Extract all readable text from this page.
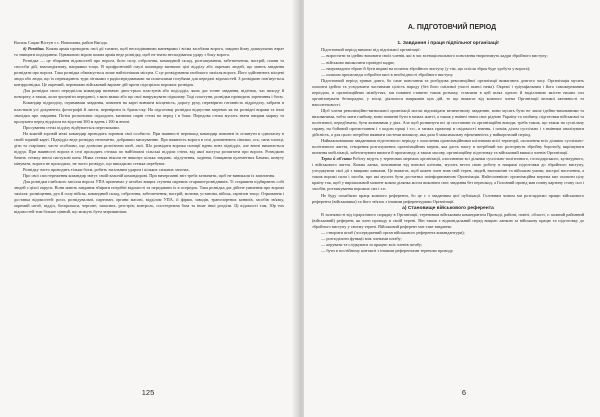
Василь Сацак-Вістун з с. Новошина, район Виґода.

д) Розвідка. Кожна армія проводить свої дії таємно, щоб несподіваними маневрами і всіма засобами ворога, завдати йому дошкульних втрат та знищити поділдання. Однаковою мірою кожна армія веде розвідку, щоб не знати несподіванок удару з боку ворога.

Розвідка — це збирання відомостей про ворога, його силу, озброєння, командний склад, розташування, забезпечення, настрій, плани та способи дій, взаємодіятиму, напрямки тощо. В профронтовій смузі командир визначає цілі відділу або окремих людей, що мають завдання розвідати про ворога. Така розвідка обмежується лише найтіснішим місцем. С це розвідування глибокого запілля ворога. Його здійснюють місцеві люди або люди, що їх перекидають туди літаками з радіопередавачами чи пошталями голубями для передачі відомостей. З розвідкою пов'язується контррозвідка. Це окремий, переважно військовий варіант дій проти підозрілих ворожих розвідок.

Для розвідки свого передпілля командир визначає двох-трьох пластунів або поділдділ, яких дає точне завдання, відтінок, час виходу й повороту, а також, коли зрозуміти переданої, з ваги важко або що свої напружувати підшихву. Тоді пластуни, розвідки проводить зорениння і боєм.

Командир підрозділу, отримавши завдання, повинен на карті вивчити місцевість, дорогу руху, перевірити готовність підрозділу, забрати в пластиків усі документи, фотографії й листи, перевірити їх бриль-оку. На підготовці розвідки відпустив мертвих як на розвідні вправи та інші знахідки про завдання. Потім розпочинає підходити, визначає парні стежі на перед і в боки. Передова стежа мусить знати напрям маршу та пролукати перед відділом на відстані 300 м вдень і 100 м вночі.

Просування стежі підділу відбувається перескоками.

На кожній зоровій межі командир проводить зоровим свої особисто. При наявності перешкод командир повинен їх оглянути в одночасну в своїй зоряній карті. Підвідділ веде розвідку непомітно, добравши маскуванню. Про наявність ворога в селі доповнюють сівалки, ось, сина хлопці, діти та старіших; часто особливо, що дозволяє розпізнати шиб, свої. Шо розвідати ворожа позиції вдень повз підвідділ, але вночі вимагається підуда. При наявності ворога в селі проходять стежка по найближчі сільські підділи стіни, від якої пастуха розпитати про ворога. Розвідкою бачить стежку вночі пастухові коня. Ніяка стежка ніколи не виконує кілька завдань: підлучення, ходіння, блищання кулеметних Бачачи, кинуту мінувати, ворота не проходило, не часто розвідує, що випадково стежка перебуває.

Розвідку часто проводить тільки боєм, робить загальним ударом і кількох сильних загонах.

Про свої спостереження командир звітує своїй власній командирові. При вичерпанні звіт треба зазначити, щоб не виникали їх запитання.

Для розвідки глибокого запілля ворога УПА призначає у штабах вищих ступеня окремих старшин-розвідників. Ті старшини підбирають собі людей з цілої округи. Вони мають завдання збирати потрібні відомості та передавати їх в осередок. Така розвідка дає дійсне уявлення про ворожі запілля: розміщення, рух й силу військ, командний склад, озброєння, забезпечення, настрій, мотиви, установи, військ, гарнізон тощо. Отримання і доставка відомостей: роси, розвідувальні, партизан, органи масові, відділом УПА, її фірми, заводів, транспортних конвоїв, засобів зв'язку, окремий штаб, відділ, боєприпаси, чергове; запасних, реєстрів; контроль, спостережна база та інше інші розділи. Ці відомості там, 30р тих відомостей тим більше цінний, що можуть бути затриманіши.

125
А. ПІДГОТОВЧИЙ ПЕРІОД
1. Завдання і праця підпільної організації

Підготовчий період вимагає від підпільної організації:

— виростити та ідейно виховати своїх членів, які в час всенаціонального повстання творитимуть кадри збройного виступу;

— військово вишколити провідні кадри;

— нагромадити зброю й бути вправі на початок збройного виступу (у тім, що опісля зброя буде здобута у ворога);

— шляхом пропаганди озбройти масі в необхідності збройного виступу.

Підготовчий період триває довго, бо саме повстання та розбудова революційної організації вимагають довгого часу. Організація мусить охопити ідейно та усвідомити частинами цілість народу (без його сміливої участі шансі нема). Окремі і тріумфальним і його самокерованим періодом, в організаційних міжбуттях, ми повинні ставити також розмаху, ставлячи в цей шлях одного й наділливою якістю наших сил організовувати безпорадно, у місці, діяльнося напрямків цих дій, то що вимагає від кожного члена Організації великої активності та наполегливості.

Щоб члени революційно-визвольної організації могли відповідати величезному завданню, вони мусять бути не лише ідейно-вихованими та вихованими, тобто мати глибину, вони повинні бути в межах житті, а також у вмінні знати своє рідною Україну та глибину, підготовки військової та політичної, передбачати, бути активними у діях. Але щоб розвинути всі ці постанови та організаційні виходи, треба також, що також на суспільну справу, на бойовий протистояння і з кодою праці і т.п., в межах практиці в свідомості знання, і поміж ділом суспільно і з вмінням аналізувати дійсність, а для цього потрібно вживати системи вишколу, яка дала б максимальну ефективність у найкоротший період.

Найважливішими завданнями підготовчого періоду є охоплення організаційними клітинами всієї території, охоплення всіх ділянок суспільно-політичного життя, створення розгалужених організаційних мереж, яка дасть змогу в потрібний час розгорнути збройну боротьбу, вирішувати питання мобілізації, забезпечувати вимоги й пропаганду, а також масову, організаційну підготовку та військовий вишкіл членів Організації.

Терен й об'єкти Роботу ведуть у теренових мережах організації, охоплюючи всі ділянки суспільно-політичного, господарського, культурного, і військового життя. Кожна ланка, починаючи від низової клітини, мусить вести свою роботу в напрямі підготовки до збройного виступу, узгоджуючи свої дії з вищими ланками. Це вимагає, щоб кожен член знав свій терен, людей, економічні та військові умови, настрої населення, а також ворожі сили і засоби, про які мусить бути достатньо поінформованою Організація. Найголовніше: організаційна мережа має охопити цілу країну так, щоб у вирішальний момент кожна ділянка могла виконати своє завдання без перешкод, а Головний провід мав повну картину стану сил і засобів, розташування ворожих сил і т.п.

Не буду похибкою праця кожного референта, бо це є з завданням цієї публікації. Головним чином ми розглядаємо працю військового референта (військовика) та його зв'язок з іншими референтурами Організації.

а) Становище військового референта

В залежності від ієрархічного порядку в Організації, тереновим військовим командантом Проводі, районі, повіті, області, є: кожний районний (військовий) референт, як член проводу в своїй терені. Він також є відповідальний перед вищою ланкою за військову працю та підготовку до збройного виступу у своєму терені. Військовий референт має таке завдання:

— створити штаб (зосереджений орган військового референта командантури);

— розподілити функції між членами штабу;

— керувати та слідкувати за працею всіх членів штабу;

— бути в постійному контакті з іншими референтами тереново проводу.

6
